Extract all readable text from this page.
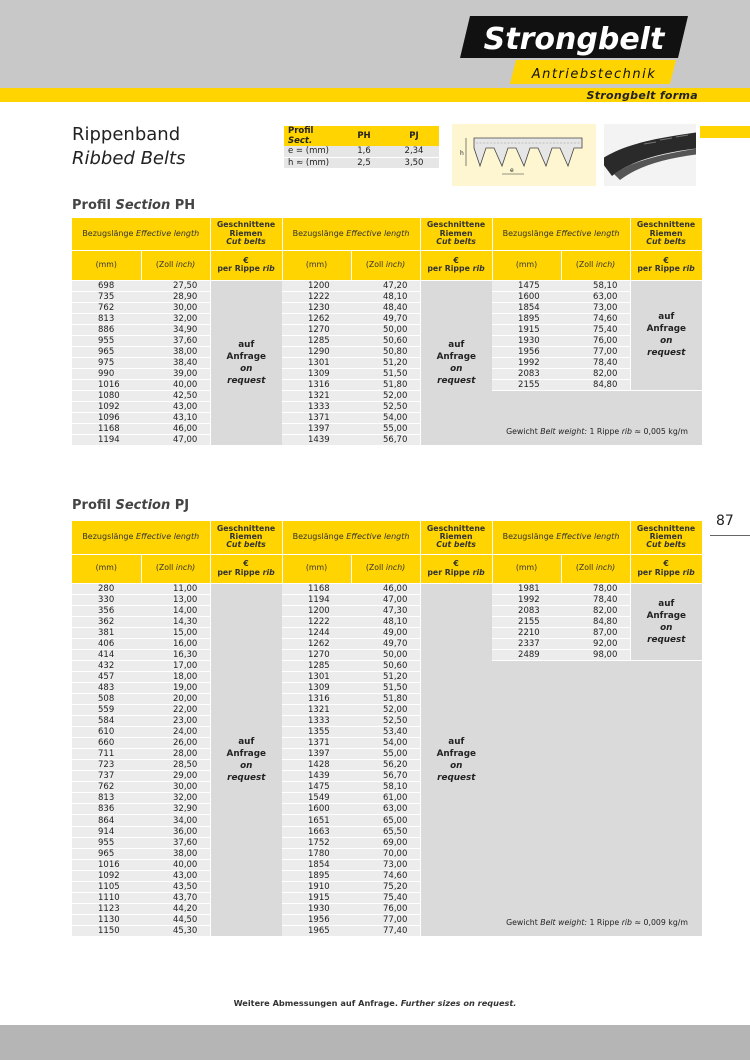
Strongbelt
Antriebstechnik
Strongbelt forma
Rippenband
Ribbed Belts
Profil Sect.	PH	PJ
e = (mm)	1,6	2,34
h ≈ (mm)	2,5	3,50
h
e
Profil Section PH
Bezugslänge Effective length		Geschnittene
Riemen
Cut belts	Bezugslänge Effective length		Geschnittene
Riemen
Cut belts	Bezugslänge Effective length		Geschnittene
Riemen
Cut belts
(mm)	(Zoll inch)	€
per Rippe rib	(mm)	(Zoll inch)	€
per Rippe rib	(mm)	(Zoll inch)	€
per Rippe rib
698	27,50	auf
Anfrage
on
request	1200	47,20	auf
Anfrage
on
request	1475	58,10	auf
Anfrage
on
request
735	28,90		1222	48,10		1600	63,00	
762	30,00		1230	48,40		1854	73,00	
813	32,00		1262	49,70		1895	74,60	
886	34,90		1270	50,00		1915	75,40	
955	37,60		1285	50,60		1930	76,00	
965	38,00		1290	50,80		1956	77,00	
975	38,40		1301	51,20		1992	78,40	
990	39,00		1309	51,50		2083	82,00	
1016	40,00		1316	51,80		2155	84,80	
1080	42,50		1321	52,00		Gewicht Belt weight: 1 Rippe rib ≈ 0,005 kg/m		
1092	43,00		1333	52,50				
1096	43,10		1371	54,00				
1168	46,00		1397	55,00				
1194	47,00		1439	56,70				
87
Profil Section PJ
Bezugslänge Effective length		Geschnittene
Riemen
Cut belts	Bezugslänge Effective length		Geschnittene
Riemen
Cut belts	Bezugslänge Effective length		Geschnittene
Riemen
Cut belts
(mm)	(Zoll inch)	€
per Rippe rib	(mm)	(Zoll inch)	€
per Rippe rib	(mm)	(Zoll inch)	€
per Rippe rib
280	11,00	auf
Anfrage
on
request	1168	46,00	auf
Anfrage
on
request	1981	78,00	auf
Anfrage
on
request
330	13,00		1194	47,00		1992	78,40	
356	14,00		1200	47,30		2083	82,00	
362	14,30		1222	48,10		2155	84,80	
381	15,00		1244	49,00		2210	87,00	
406	16,00		1262	49,70		2337	92,00	
414	16,30		1270	50,00		2489	98,00	
432	17,00		1285	50,60		Gewicht Belt weight: 1 Rippe rib ≈ 0,009 kg/m		
457	18,00		1301	51,20				
483	19,00		1309	51,50				
508	20,00		1316	51,80				
559	22,00		1321	52,00				
584	23,00		1333	52,50				
610	24,00		1355	53,40				
660	26,00		1371	54,00				
711	28,00		1397	55,00				
723	28,50		1428	56,20				
737	29,00		1439	56,70				
762	30,00		1475	58,10				
813	32,00		1549	61,00				
836	32,90		1600	63,00				
864	34,00		1651	65,00				
914	36,00		1663	65,50				
955	37,60		1752	69,00				
965	38,00		1780	70,00				
1016	40,00		1854	73,00				
1092	43,00		1895	74,60				
1105	43,50		1910	75,20				
1110	43,70		1915	75,40				
1123	44,20		1930	76,00				
1130	44,50		1956	77,00				
1150	45,30		1965	77,40				
Weitere Abmessungen auf Anfrage. Further sizes on request.
